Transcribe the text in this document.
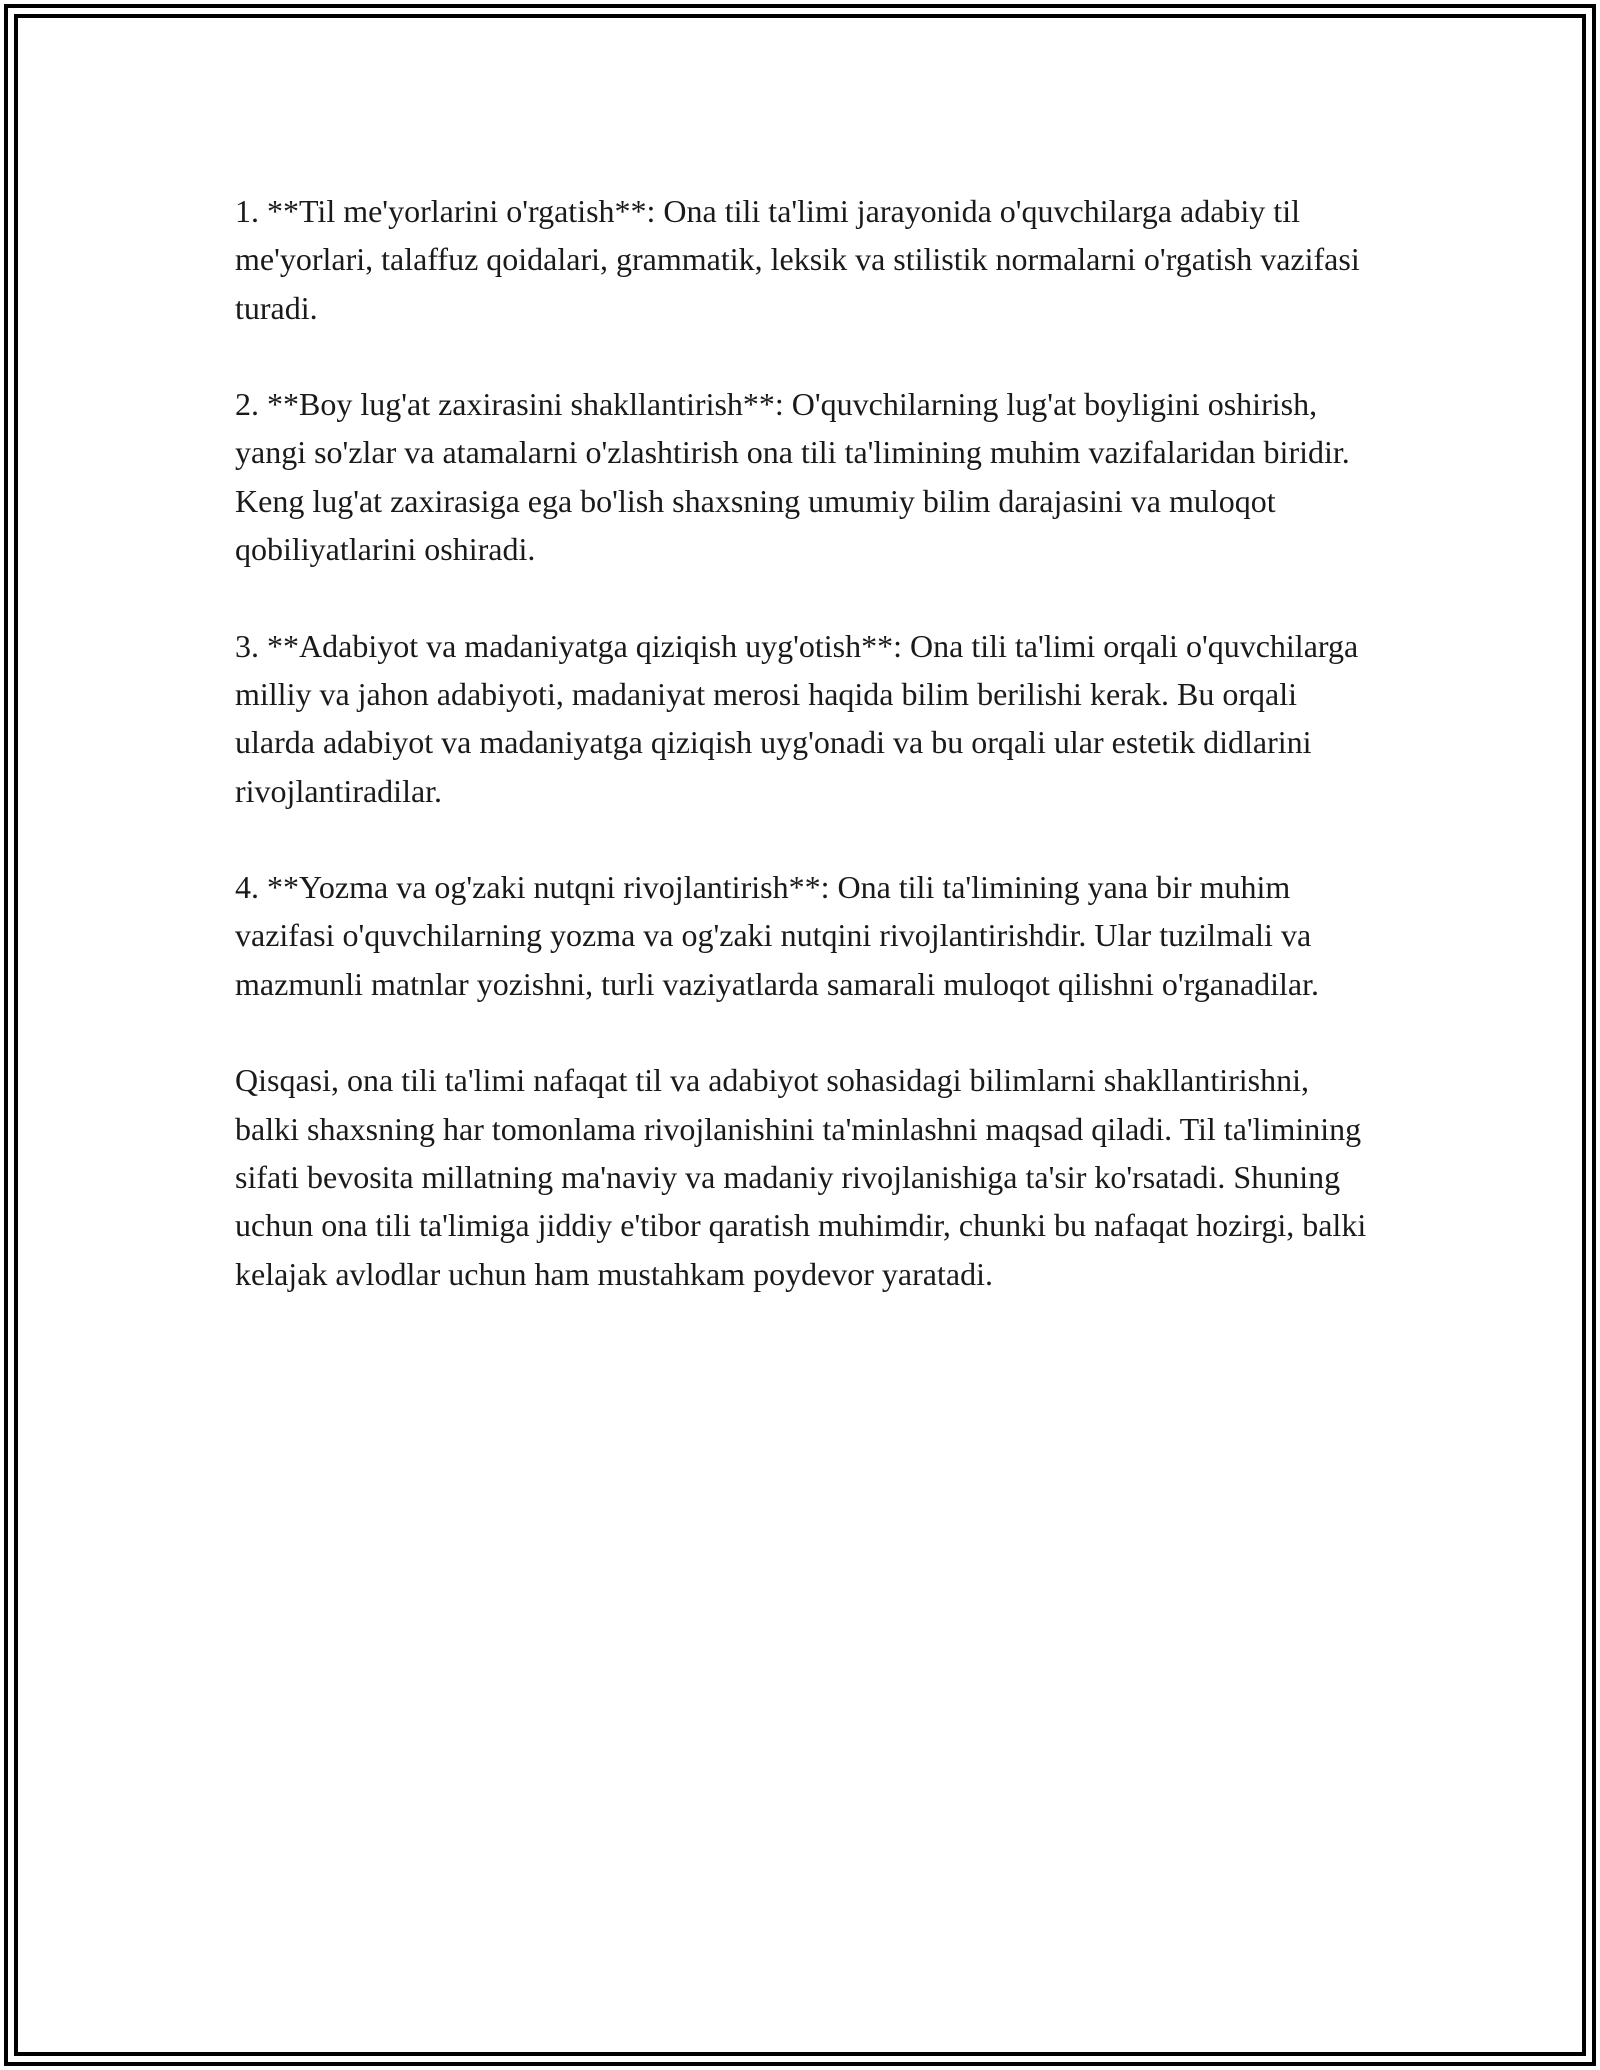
1. **Til me'yorlarini o'rgatish**: Ona tili ta'limi jarayonida o'quvchilarga adabiy til me'yorlari, talaffuz qoidalari, grammatik, leksik va stilistik normalarni o'rgatish vazifasi turadi.

2. **Boy lug'at zaxirasini shakllantirish**: O'quvchilarning lug'at boyligini oshirish, yangi so'zlar va atamalarni o'zlashtirish ona tili ta'limining muhim vazifalaridan biridir. Keng lug'at zaxirasiga ega bo'lish shaxsning umumiy bilim darajasini va muloqot qobiliyatlarini oshiradi.

3. **Adabiyot va madaniyatga qiziqish uyg'otish**: Ona tili ta'limi orqali o'quvchilarga milliy va jahon adabiyoti, madaniyat merosi haqida bilim berilishi kerak. Bu orqali ularda adabiyot va madaniyatga qiziqish uyg'onadi va bu orqali ular estetik didlarini rivojlantiradilar.

4. **Yozma va og'zaki nutqni rivojlantirish**: Ona tili ta'limining yana bir muhim vazifasi o'quvchilarning yozma va og'zaki nutqini rivojlantirishdir. Ular tuzilmali va mazmunli matnlar yozishni, turli vaziyatlarda samarali muloqot qilishni o'rganadilar.

Qisqasi, ona tili ta'limi nafaqat til va adabiyot sohasidagi bilimlarni shakllantirishni, balki shaxsning har tomonlama rivojlanishini ta'minlashni maqsad qiladi. Til ta'limining sifati bevosita millatning ma'naviy va madaniy rivojlanishiga ta'sir ko'rsatadi. Shuning uchun ona tili ta'limiga jiddiy e'tibor qaratish muhimdir, chunki bu nafaqat hozirgi, balki kelajak avlodlar uchun ham mustahkam poydevor yaratadi.
